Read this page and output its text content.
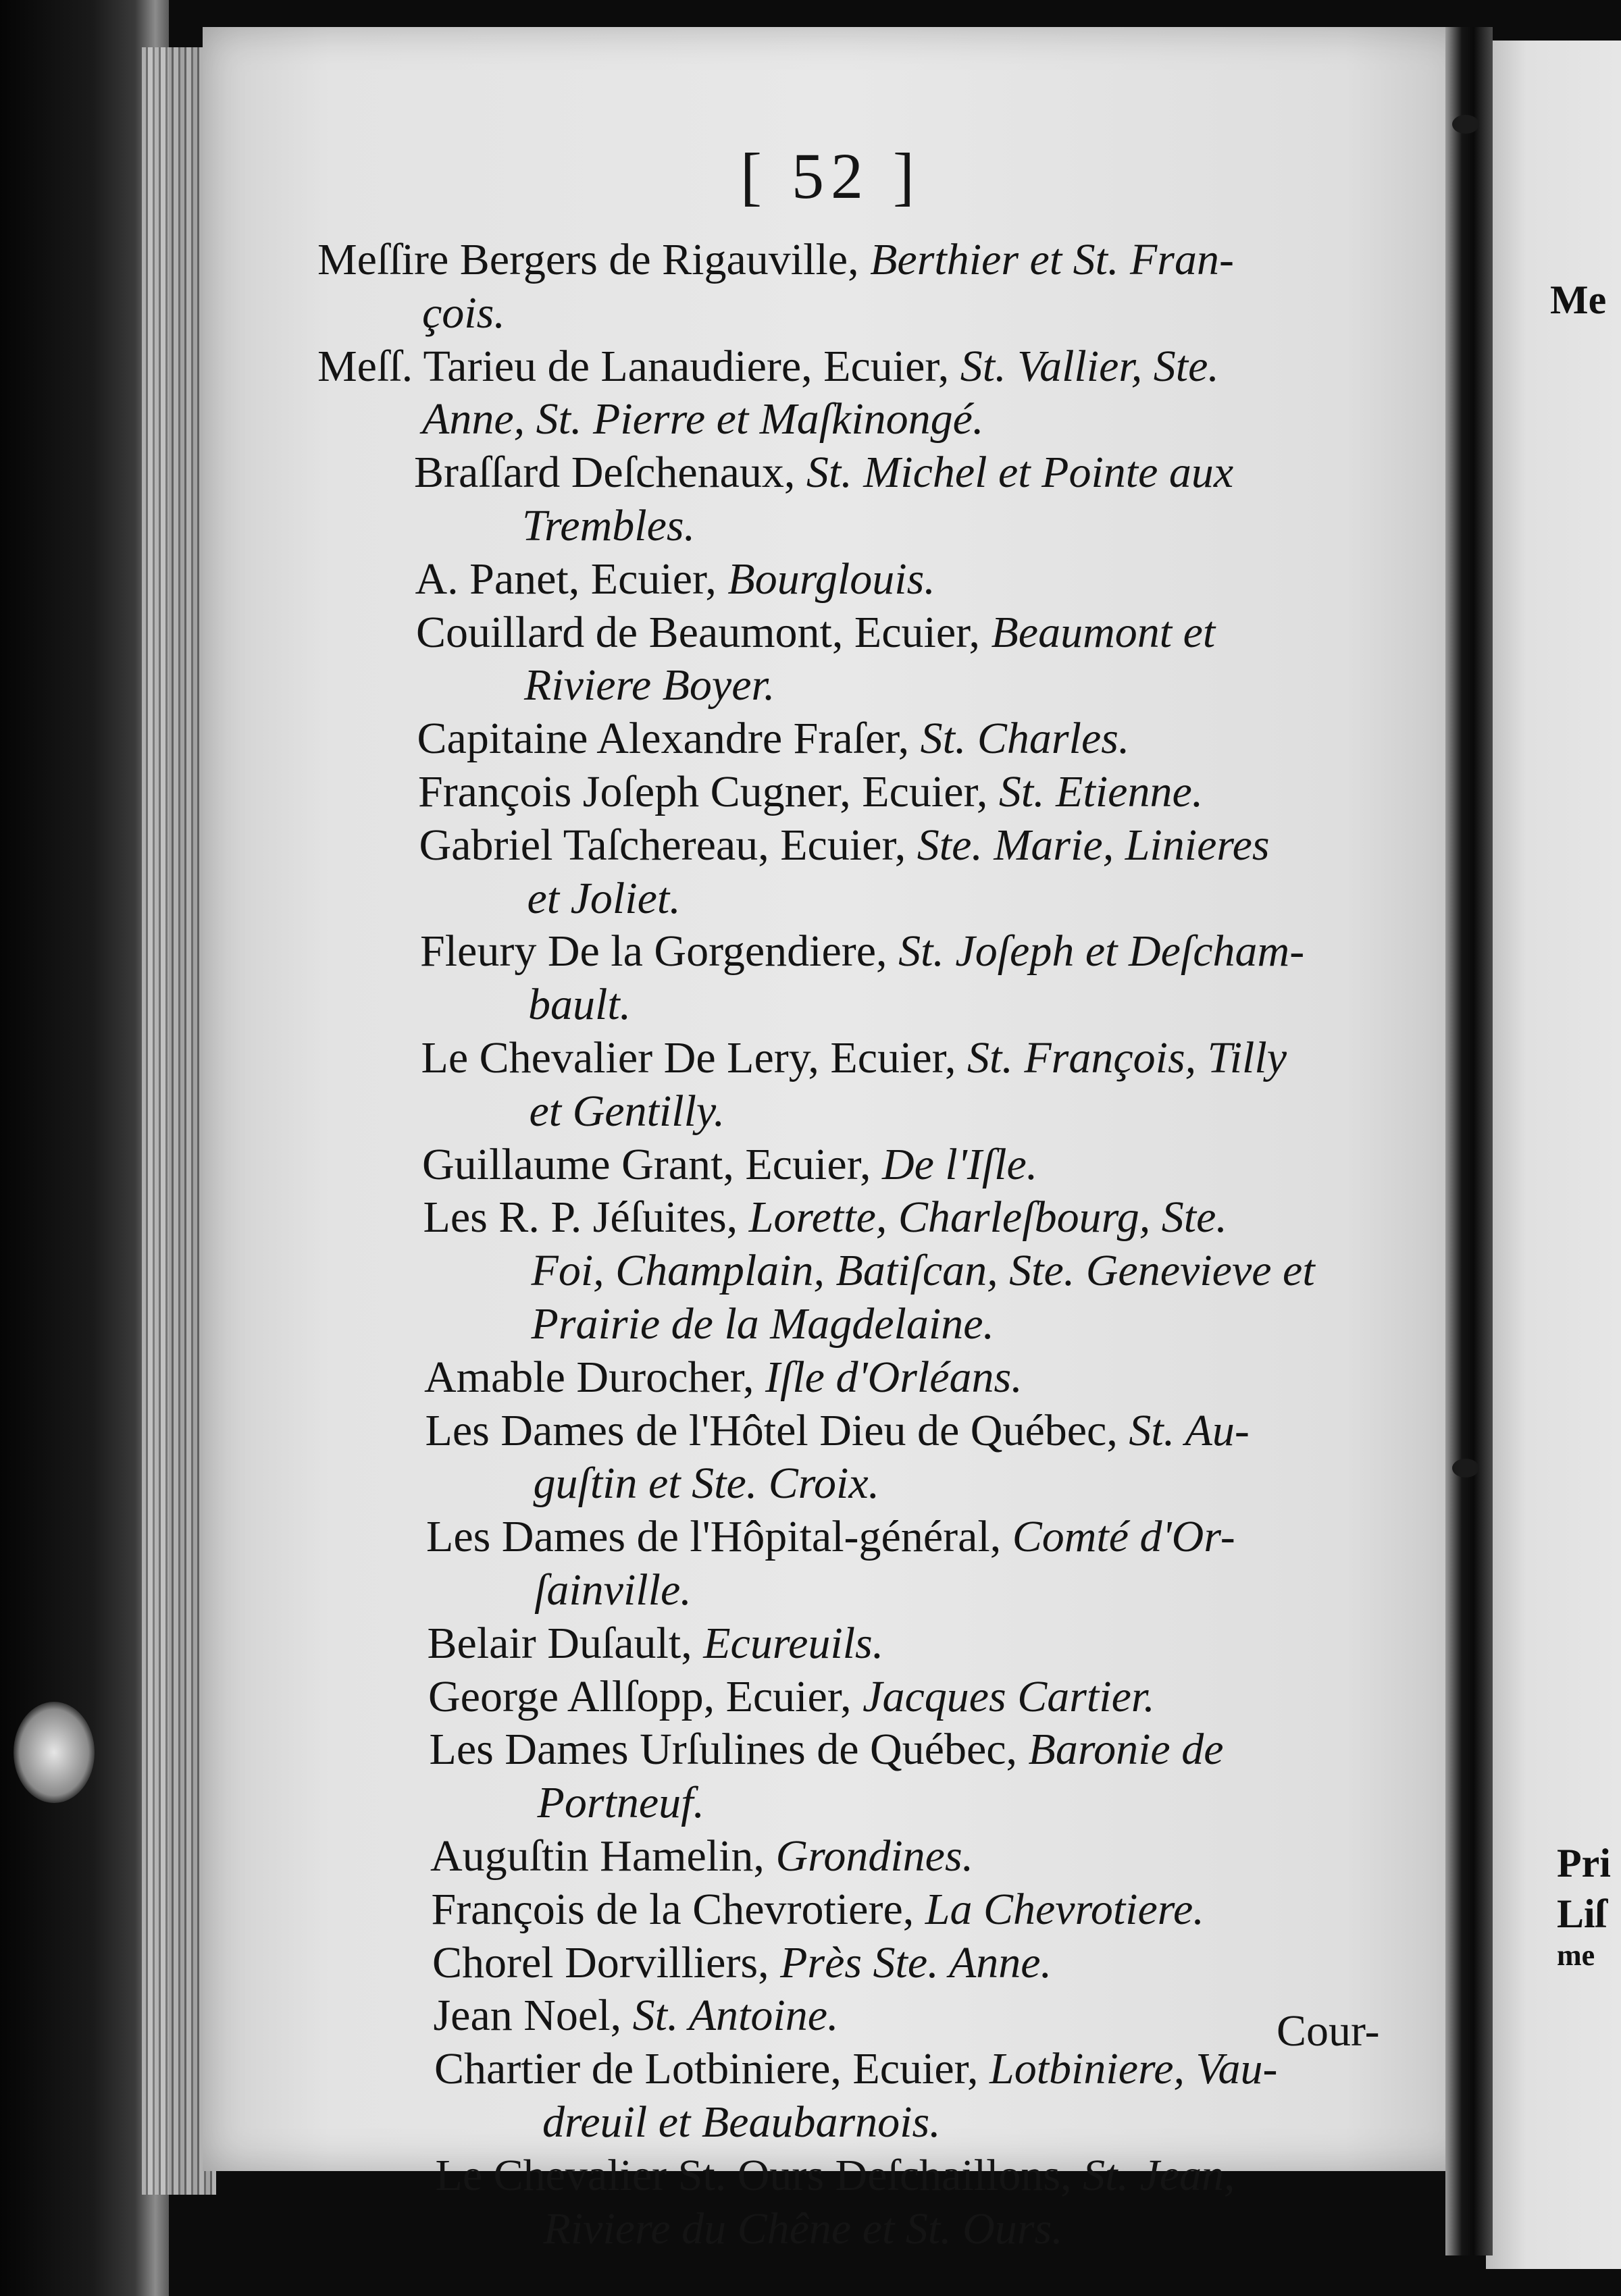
[ 52 ]
Meſſire Bergers de Rigauville, Berthier et St. Fran-
çois.
Meſſ. Tarieu de Lanaudiere, Ecuier, St. Vallier, Ste.
Anne, St. Pierre et Maſkinongé.
Braſſard Deſchenaux, St. Michel et Pointe aux
Trembles.
A. Panet, Ecuier, Bourglouis.
Couillard de Beaumont, Ecuier, Beaumont et
Riviere Boyer.
Capitaine Alexandre Fraſer, St. Charles.
François Joſeph Cugner, Ecuier, St. Etienne.
Gabriel Taſchereau, Ecuier, Ste. Marie, Linieres
et Joliet.
Fleury De la Gorgendiere, St. Joſeph et Deſcham-
bault.
Le Chevalier De Lery, Ecuier, St. François, Tilly
et Gentilly.
Guillaume Grant, Ecuier, De l'Iſle.
Les R. P. Jéſuites, Lorette, Charleſbourg, Ste.
Foi, Champlain, Batiſcan, Ste. Genevieve et
Prairie de la Magdelaine.
Amable Durocher, Iſle d'Orléans.
Les Dames de l'Hôtel Dieu de Québec, St. Au-
guſtin et Ste. Croix.
Les Dames de l'Hôpital-général, Comté d'Or-
ſainville.
Belair Duſault, Ecureuils.
George Allſopp, Ecuier, Jacques Cartier.
Les Dames Urſulines de Québec, Baronie de
Portneuf.
Auguſtin Hamelin, Grondines.
François de la Chevrotiere, La Chevrotiere.
Chorel Dorvilliers, Près Ste. Anne.
Jean Noel, St. Antoine.
Chartier de Lotbiniere, Ecuier, Lotbiniere, Vau-
dreuil et Beaubarnois.
Le Chevalier St. Ours Deſchaillons, St. Jean,
Riviere du Chêne et St. Ours.
Cour-
Me
Pri
Liſ
me
